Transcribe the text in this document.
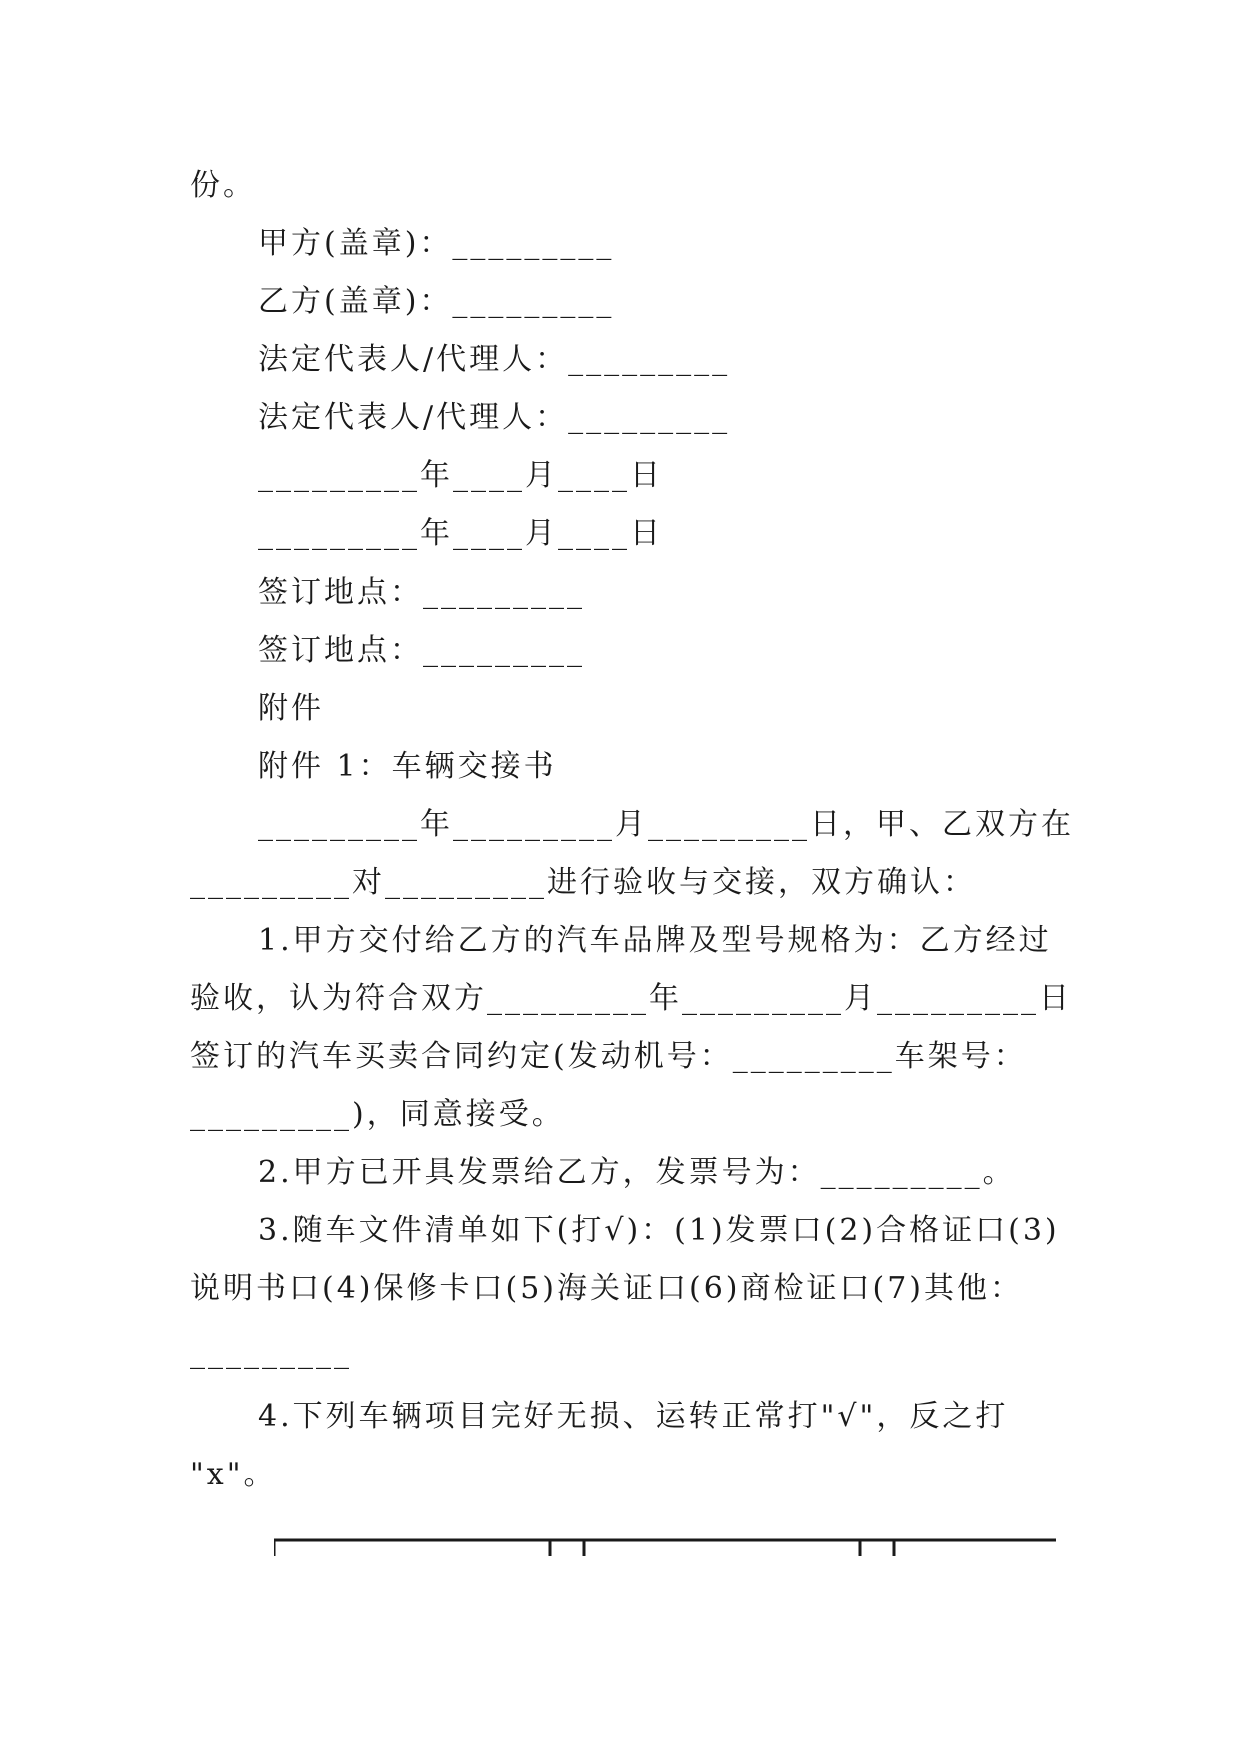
份。
甲方(盖章)：_________
乙方(盖章)：_________
法定代表人/代理人：_________
法定代表人/代理人：_________
_________年____月____日
_________年____月____日
签订地点：_________
签订地点：_________
附件
附件 1：车辆交接书
_________年_________月_________日，甲、乙双方在
_________对_________进行验收与交接，双方确认：
1.甲方交付给乙方的汽车品牌及型号规格为：乙方经过
验收，认为符合双方_________年_________月_________日
签订的汽车买卖合同约定(发动机号：_________车架号：
_________)，同意接受。
2.甲方已开具发票给乙方，发票号为：_________。
3.随车文件清单如下(打√)：(1)发票口(2)合格证口(3)
说明书口(4)保修卡口(5)海关证口(6)商检证口(7)其他：
_________
4.下列车辆项目完好无损、运转正常打"√"，反之打
"x"。
